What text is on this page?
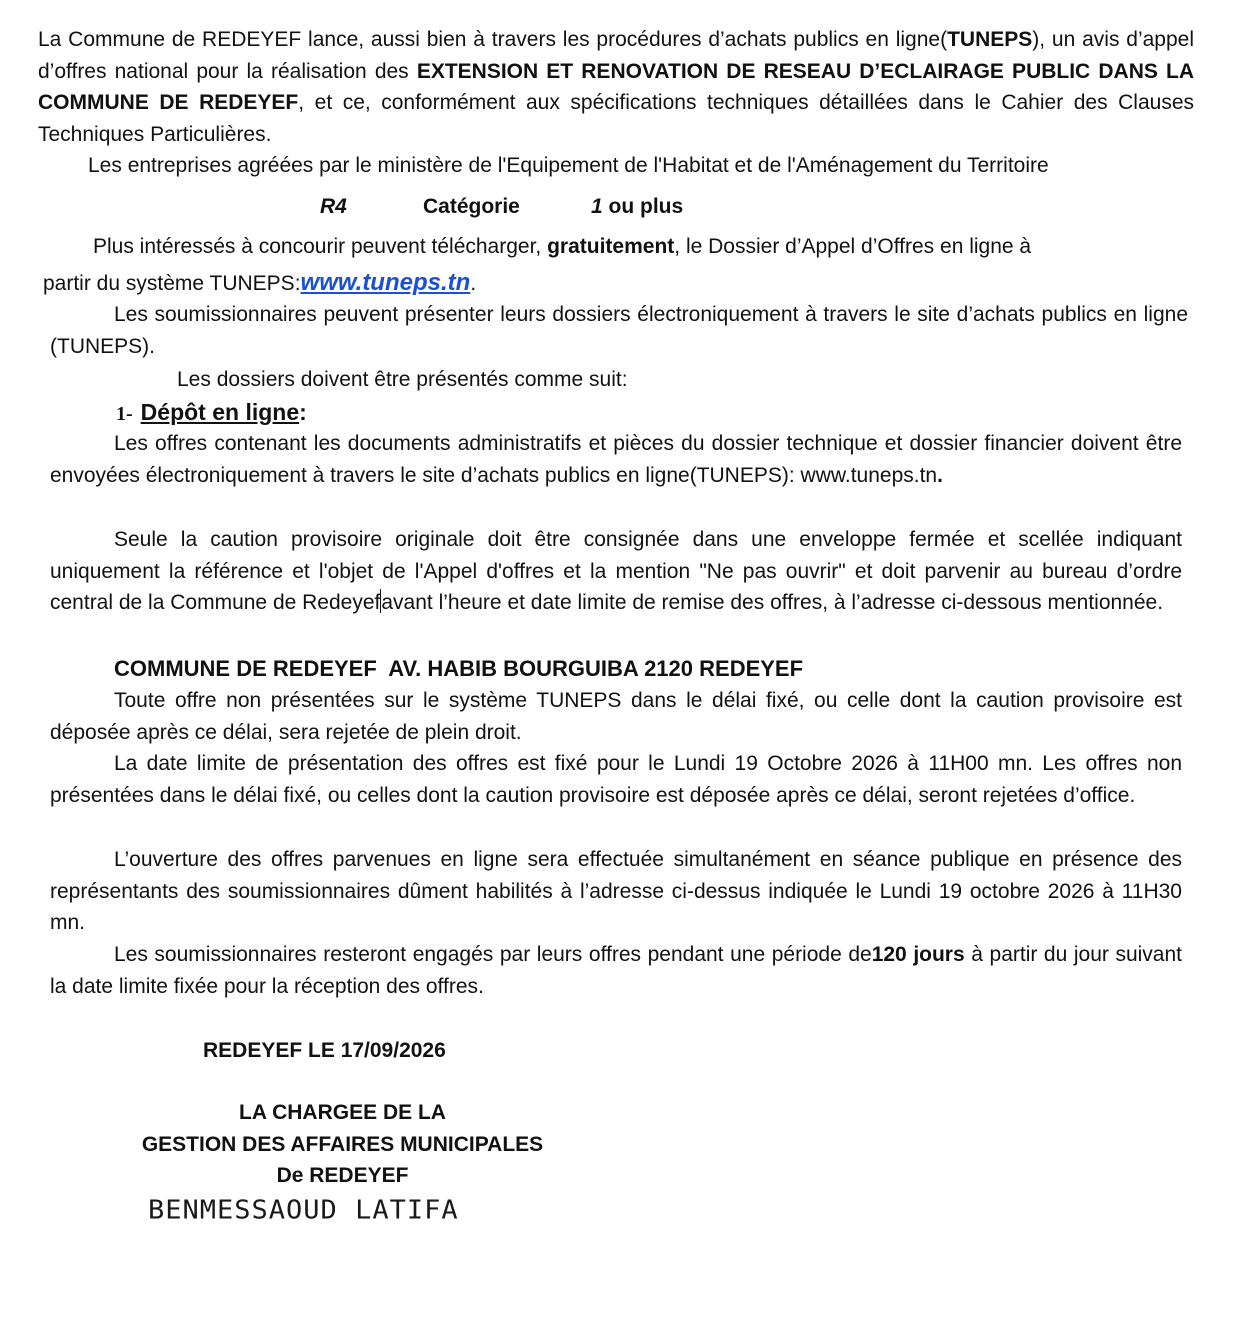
La Commune de REDEYEF lance, aussi bien à travers les procédures d’achats publics en ligne(TUNEPS), un avis d’appel d’offres national pour la réalisation des EXTENSION ET RENOVATION DE RESEAU D’ECLAIRAGE PUBLIC DANS LA COMMUNE DE REDEYEF, et ce, conformément aux spécifications techniques détaillées dans le Cahier des Clauses Techniques Particulières.

Les entreprises agréées par le ministère de l'Equipement de l'Habitat et de l'Aménagement du Territoire

R4	Catégorie	1 ou plus

Plus intéressés à concourir peuvent télécharger, gratuitement, le Dossier d’Appel d’Offres en ligne à

partir du système TUNEPS:www.tuneps.tn.

Les soumissionnaires peuvent présenter leurs dossiers électroniquement à travers le site d’achats publics en ligne (TUNEPS).

Les dossiers doivent être présentés comme suit:

1- Dépôt en ligne:

Les offres contenant les documents administratifs et pièces du dossier technique et dossier financier doivent être envoyées électroniquement à travers le site d’achats publics en ligne(TUNEPS): www.tuneps.tn.

Seule la caution provisoire originale doit être consignée dans une enveloppe fermée et scellée indiquant uniquement la référence et l'objet de l'Appel d'offres et la mention "Ne pas ouvrir" et doit parvenir au bureau d’ordre central de la Commune de Redeyefavant l’heure et date limite de remise des offres, à l’adresse ci-dessous mentionnée.

COMMUNE DE REDEYEF  AV. HABIB BOURGUIBA 2120 REDEYEF

Toute offre non présentées sur le système TUNEPS dans le délai fixé, ou celle dont la caution provisoire est déposée après ce délai, sera rejetée de plein droit.

La date limite de présentation des offres est fixé pour le Lundi 19 Octobre 2026 à 11H00 mn. Les offres non présentées dans le délai fixé, ou celles dont la caution provisoire est déposée après ce délai, seront rejetées d’office.

L’ouverture des offres parvenues en ligne sera effectuée simultanément en séance publique en présence des représentants des soumissionnaires dûment habilités à l’adresse ci-dessus indiquée le Lundi 19 octobre 2026 à 11H30 mn.

Les soumissionnaires resteront engagés par leurs offres pendant une période de120 jours à partir du jour suivant la date limite fixée pour la réception des offres.

REDEYEF LE 17/09/2026

LA CHARGEE DE LA
GESTION DES AFFAIRES MUNICIPALES
De REDEYEF
BENMESSAOUD LATIFA
